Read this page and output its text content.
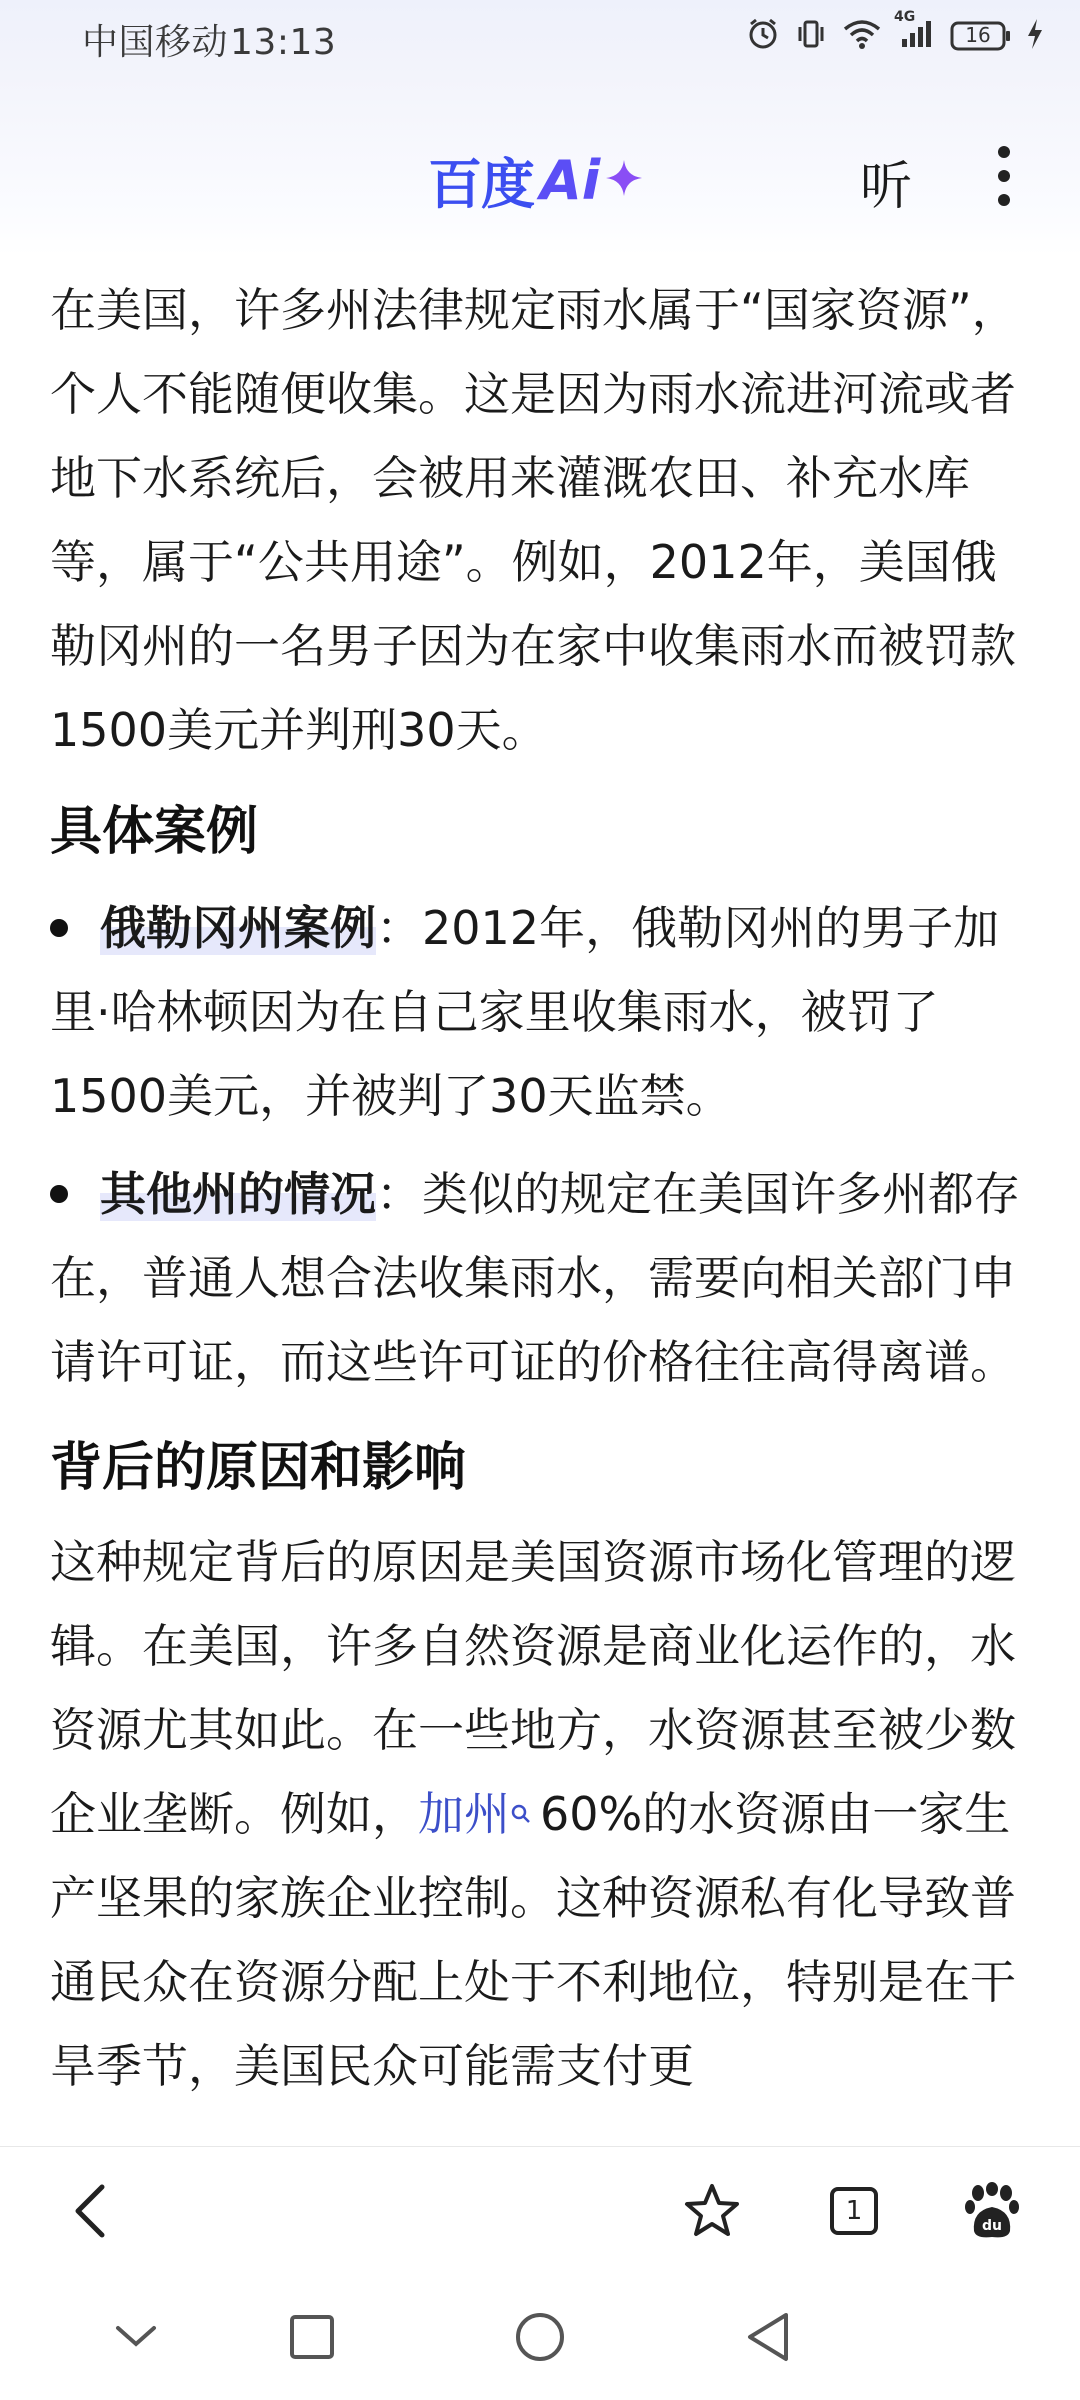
中国移动13:13
4G
16
百度 Ai	听

在美国，许多州法律规定雨水属于“国家资源”，个人不能随便收集。这是因为雨水流进河流或者地下水系统后，会被用来灌溉农田、补充水库等，属于“公共用途”。例如，2012年，美国俄勒冈州的一名男子因为在家中收集雨水而被罚款1500美元并判刑30天。

具体案例
俄勒冈州案例：2012年，俄勒冈州的男子加里·哈林顿因为在自己家里收集雨水，被罚了1500美元，并被判了30天监禁。
其他州的情况：类似的规定在美国许多州都存在，普通人想合法收集雨水，需要向相关部门申请许可证，而这些许可证的价格往往高得离谱。
背后的原因和影响

这种规定背后的原因是美国资源市场化管理的逻辑。在美国，许多自然资源是商业化运作的，水资源尤其如此。在一些地方，水资源甚至被少数企业垄断。例如，加州 60%的水资源由一家生产坚果的家族企业控制。这种资源私有化导致普通民众在资源分配上处于不利地位，特别是在干旱季节，美国民众可能需支付更

1	du
